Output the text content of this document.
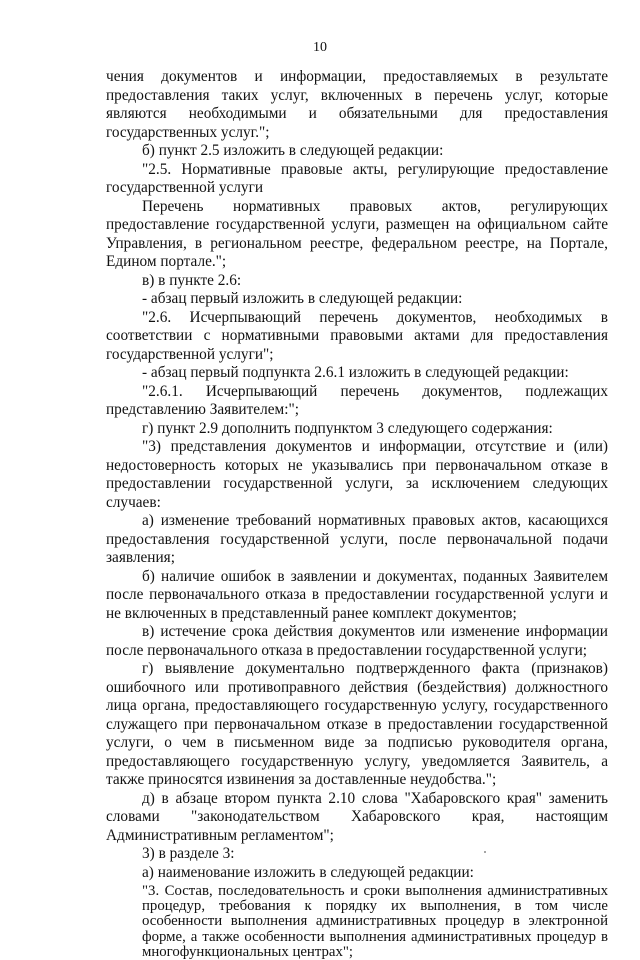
10

чения документов и информации, предоставляемых в результате предоставления таких услуг, включенных в перечень услуг, которые являются необходимыми и обязательными для предоставления государственных услуг.";

б) пункт 2.5 изложить в следующей редакции:

"2.5. Нормативные правовые акты, регулирующие предоставление государственной услуги

Перечень нормативных правовых актов, регулирующих предоставление государственной услуги, размещен на официальном сайте Управления, в региональном реестре, федеральном реестре, на Портале, Едином портале.";

в) в пункте 2.6:

- абзац первый изложить в следующей редакции:

"2.6. Исчерпывающий перечень документов, необходимых в соответствии с нормативными правовыми актами для предоставления государственной услуги";

- абзац первый подпункта 2.6.1 изложить в следующей редакции:

"2.6.1. Исчерпывающий перечень документов, подлежащих представлению Заявителем:";

г) пункт 2.9 дополнить подпунктом 3 следующего содержания:

"3) представления документов и информации, отсутствие и (или) недостоверность которых не указывались при первоначальном отказе в предоставлении государственной услуги, за исключением следующих случаев:

а) изменение требований нормативных правовых актов, касающихся предоставления государственной услуги, после первоначальной подачи заявления;

б) наличие ошибок в заявлении и документах, поданных Заявителем после первоначального отказа в предоставлении государственной услуги и не включенных в представленный ранее комплект документов;

в) истечение срока действия документов или изменение информации после первоначального отказа в предоставлении государственной услуги;

г) выявление документально подтвержденного факта (признаков) ошибочного или противоправного действия (бездействия) должностного лица органа, предоставляющего государственную услугу, государственного служащего при первоначальном отказе в предоставлении государственной услуги, о чем в письменном виде за подписью руководителя органа, предоставляющего государственную услугу, уведомляется Заявитель, а также приносятся извинения за доставленные неудобства.";

д) в абзаце втором пункта 2.10 слова "Хабаровского края" заменить словами "законодательством Хабаровского края, настоящим Административным регламентом";

3) в разделе 3:

а) наименование изложить в следующей редакции:

"3. Состав, последовательность и сроки выполнения административных процедур, требования к порядку их выполнения, в том числе особенности выполнения административных процедур в электронной форме, а также особенности выполнения административных процедур в многофункциональных центрах";
